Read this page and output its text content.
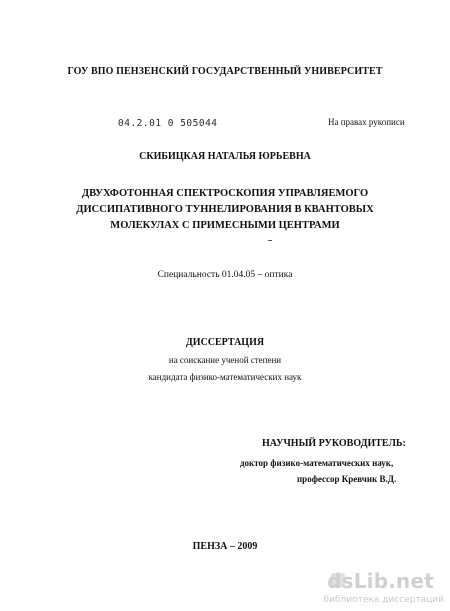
ГОУ ВПО ПЕНЗЕНСКИЙ ГОСУДАРСТВЕННЫЙ УНИВЕРСИТЕТ
04.2.01 0 505044	На правах рукописи
СКИБИЦКАЯ НАТАЛЬЯ ЮРЬЕВНА
ДВУХФОТОННАЯ СПЕКТРОСКОПИЯ УПРАВЛЯЕМОГО
ДИССИПАТИВНОГО ТУННЕЛИРОВАНИЯ В КВАНТОВЫХ
МОЛЕКУЛАХ С ПРИМЕСНЫМИ ЦЕНТРАМИ
Специальность 01.04.05 – оптика
ДИССЕРТАЦИЯ
на соискание ученой степени
кандидата физико-математических наук
НАУЧНЫЙ РУКОВОДИТЕЛЬ:
доктор физико-математических наук,
профессор Кревчик В.Д.
ПЕНЗА – 2009
dsLib.net
библиотека диссертаций
